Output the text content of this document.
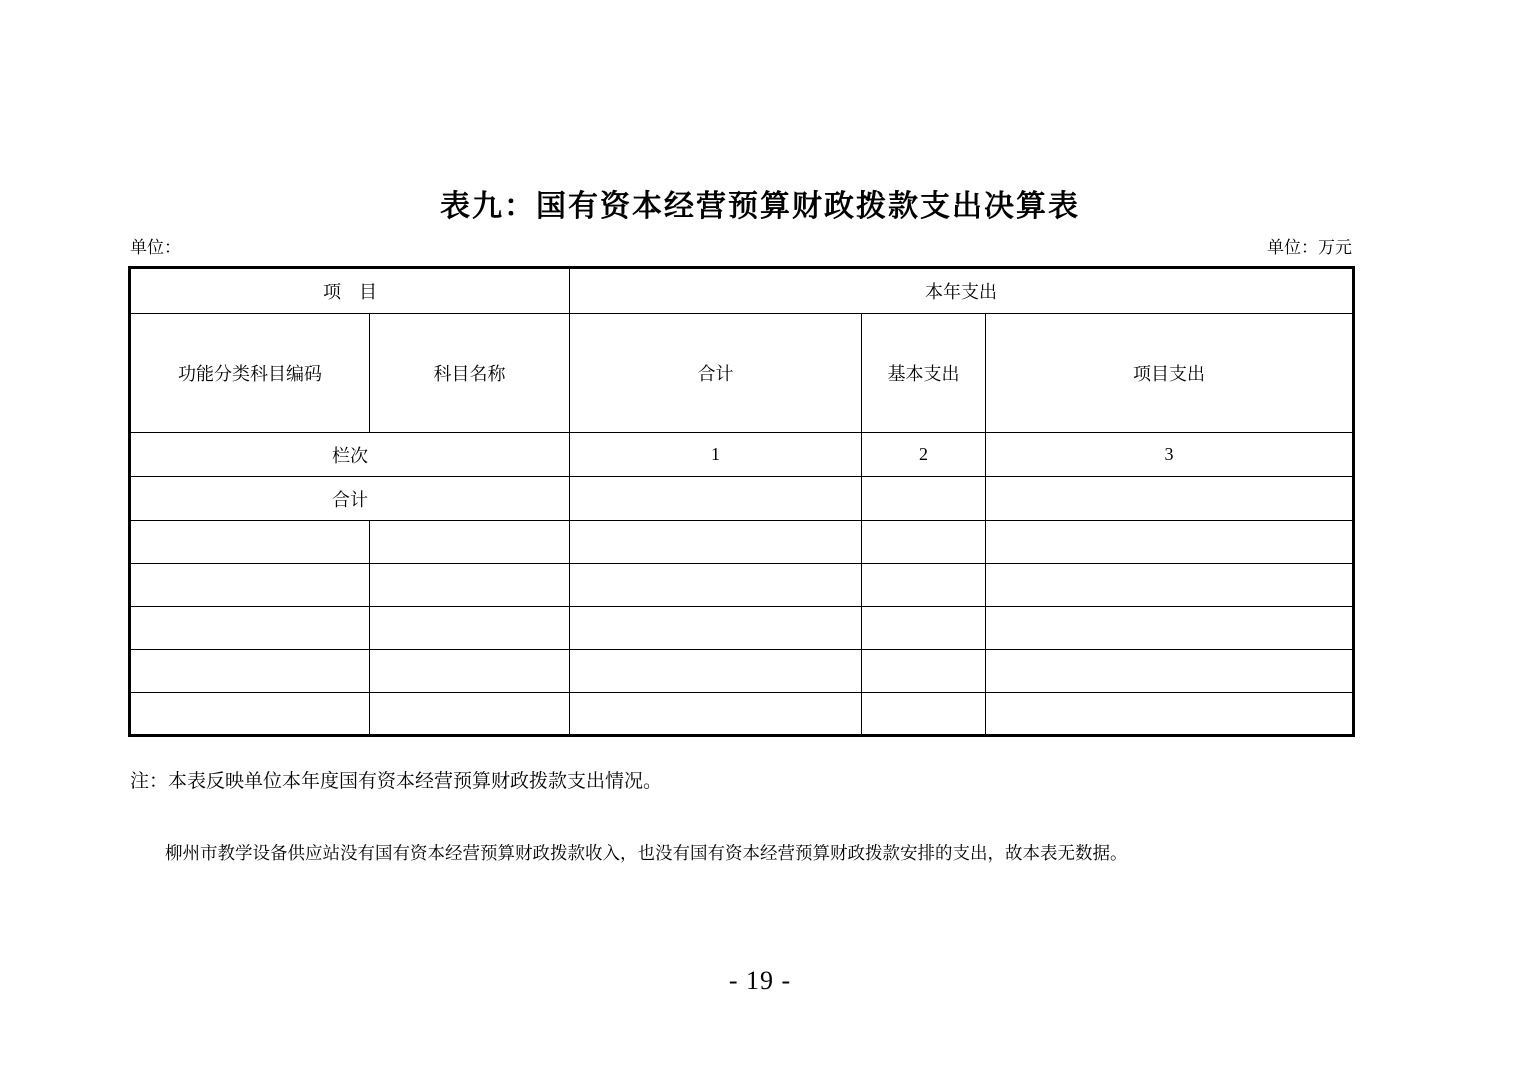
表九：国有资本经营预算财政拨款支出决算表
单位：	单位：万元
项　目		本年支出		
功能分类科目编码	科目名称	合计	基本支出	项目支出
栏次		1	2	3
合计				

注：本表反映单位本年度国有资本经营预算财政拨款支出情况。
柳州市教学设备供应站没有国有资本经营预算财政拨款收入，也没有国有资本经营预算财政拨款安排的支出，故本表无数据。
- 19 -
